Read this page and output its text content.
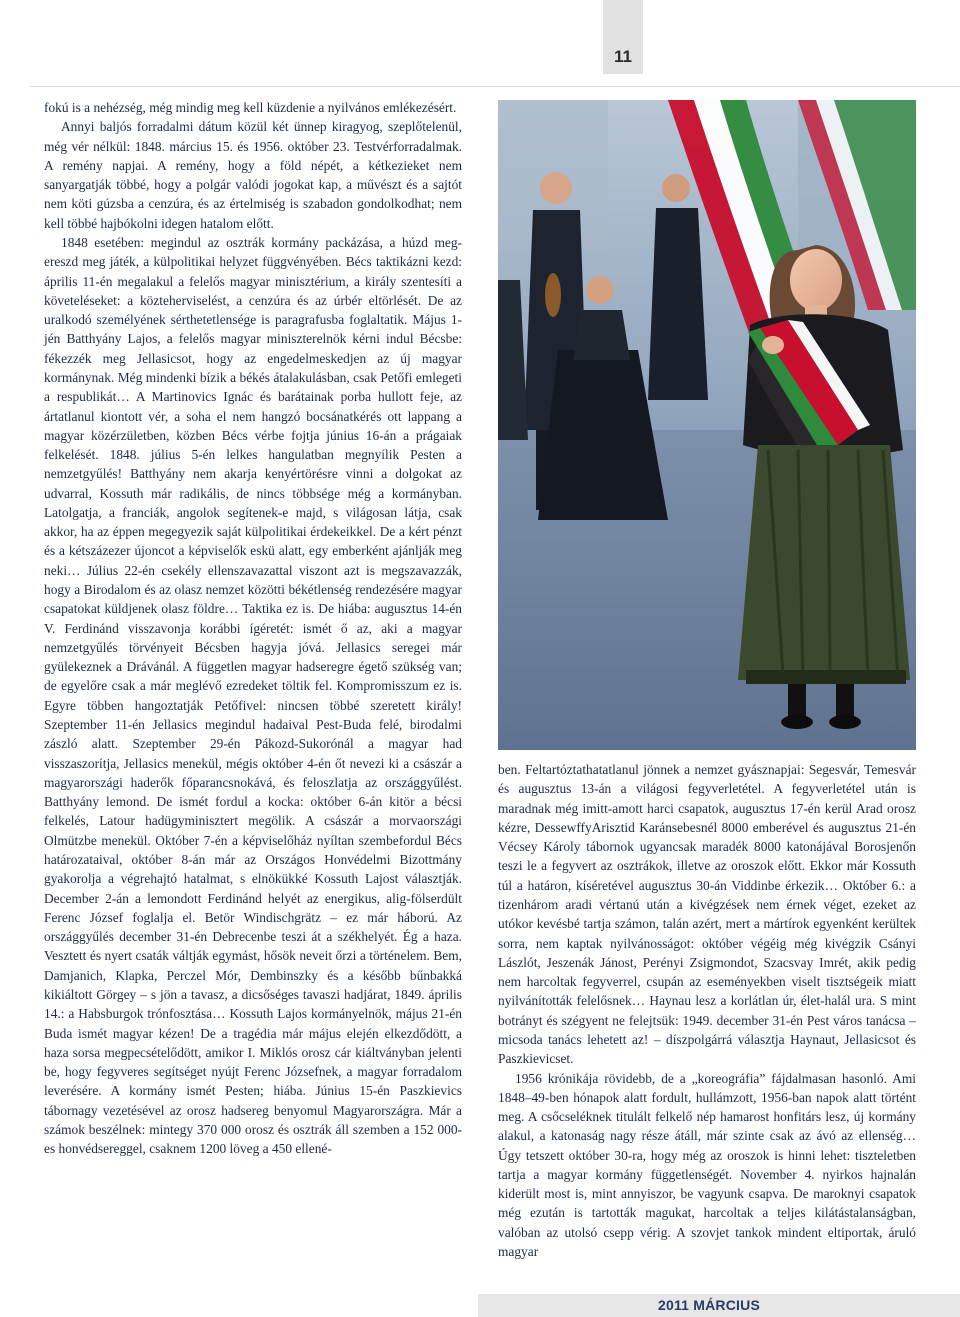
11

fokú is a nehézség, még mindig meg kell küzdenie a nyilvános emlékezésért.

Annyi baljós forradalmi dátum közül két ünnep kiragyog, szeplőtelenül, még vér nélkül: 1848. március 15. és 1956. október 23. Testvérforradalmak. A remény napjai. A remény, hogy a föld népét, a kétkezieket nem sanyargatják többé, hogy a polgár valódi jogokat kap, a művészt és a sajtót nem köti gúzsba a cenzúra, és az értelmiség is szabadon gondolkodhat; nem kell többé hajbókolni idegen hatalom előtt.

1848 esetében: megindul az osztrák kormány packázása, a húzd meg-ereszd meg játék, a külpolitikai helyzet függvényében. Bécs taktikázni kezd: április 11-én megalakul a felelős magyar minisztérium, a király szentesíti a követeléseket: a közteherviselést, a cenzúra és az úrbér eltörlését. De az uralkodó személyének sérthetetlensége is paragrafusba foglaltatik. Május 1-jén Batthyány Lajos, a felelős magyar miniszterelnök kérni indul Bécsbe: fékezzék meg Jellasicsot, hogy az engedelmeskedjen az új magyar kormánynak. Még mindenki bízik a békés átalakulásban, csak Petőfi emlegeti a respublikát… A Martinovics Ignác és barátainak porba hullott feje, az ártatlanul kiontott vér, a soha el nem hangzó bocsánatkérés ott lappang a magyar közérzületben, közben Bécs vérbe fojtja június 16-án a prágaiak felkelését. 1848. július 5-én lelkes hangulatban megnyílik Pesten a nemzetgyűlés! Batthyány nem akarja kenyértörésre vinni a dolgokat az udvarral, Kossuth már radikális, de nincs többsége még a kormányban. Latolgatja, a franciák, angolok segítenek-e majd, s világosan látja, csak akkor, ha az éppen megegyezik saját külpolitikai érdekeikkel. De a kért pénzt és a kétszázezer újoncot a képviselők eskü alatt, egy emberként ajánlják meg neki… Július 22-én csekély ellenszavazattal viszont azt is megszavazzák, hogy a Birodalom és az olasz nemzet közötti békétlenség rendezésére magyar csapatokat küldjenek olasz földre… Taktika ez is. De hiába: augusztus 14-én V. Ferdinánd visszavonja korábbi ígéretét: ismét ő az, aki a magyar nemzetgyűlés törvényeit Bécsben hagyja jóvá. Jellasics seregei már gyülekeznek a Drávánál. A független magyar hadseregre égető szükség van; de egyelőre csak a már meglévő ezredeket töltik fel. Kompromisszum ez is. Egyre többen hangoztatják Petőfivel: nincsen többé szeretett király! Szeptember 11-én Jellasics megindul hadaival Pest-Buda felé, birodalmi zászló alatt. Szeptember 29-én Pákozd-Sukorónál a magyar had visszaszorítja, Jellasics menekül, mégis október 4-én őt nevezi ki a császár a magyarországi haderők főparancsnokává, és feloszlatja az országgyűlést. Batthyány lemond. De ismét fordul a kocka: október 6-án kitör a bécsi felkelés, Latour hadügyminisztert megölik. A császár a morvaországi Olmützbe menekül. Október 7-én a képviselőház nyíltan szembefordul Bécs határozataival, október 8-án már az Országos Honvédelmi Bizottmány gyakorolja a végrehajtó hatalmat, s elnökükké Kossuth Lajost választják. December 2-án a lemondott Ferdinánd helyét az energikus, alig-fölserdült Ferenc József foglalja el. Betör Windischgrätz – ez már háború. Az országgyűlés december 31-én Debrecenbe teszi át a székhelyét. Ég a haza. Vesztett és nyert csaták váltják egymást, hősök neveit őrzi a történelem. Bem, Damjanich, Klapka, Perczel Mór, Dembinszky és a később bűnbakká kikiáltott Görgey – s jön a tavasz, a dicsőséges tavaszi hadjárat, 1849. április 14.: a Habsburgok trónfosztása… Kossuth Lajos kormányelnök, május 21-én Buda ismét magyar kézen! De a tragédia már május elején elkezdődött, a haza sorsa megpecsételődött, amikor I. Miklós orosz cár kiáltványban jelenti be, hogy fegyveres segítséget nyújt Ferenc Józsefnek, a magyar forradalom leverésére. A kormány ismét Pesten; hiába. Június 15-én Paszkievics tábornagy vezetésével az orosz hadsereg benyomul Magyarországra. Már a számok beszélnek: mintegy 370 000 orosz és osztrák áll szemben a 152 000-es honvédsereggel, csaknem 1200 löveg a 450 ellené-

ben. Feltartóztathatatlanul jönnek a nemzet gyásznapjai: Segesvár, Temesvár és augusztus 13-án a világosi fegyverletétel. A fegyverletétel után is maradnak még imitt-amott harci csapatok, augusztus 17-én kerül Arad orosz kézre, DessewffyArisztid Karánsebesnél 8000 emberével és augusztus 21-én Vécsey Károly tábornok ugyancsak maradék 8000 katonájával Borosjenőn teszi le a fegyvert az osztrákok, illetve az oroszok előtt. Ekkor már Kossuth túl a határon, kíséretével augusztus 30-án Viddinbe érkezik… Október 6.: a tizenhárom aradi vértanú után a kivégzések nem érnek véget, ezeket az utókor kevésbé tartja számon, talán azért, mert a mártírok egyenként kerültek sorra, nem kaptak nyilvánosságot: október végéig még kivégzik Csányi Lászlót, Jeszenák Jánost, Perényi Zsigmondot, Szacsvay Imrét, akik pedig nem harcoltak fegyverrel, csupán az eseményekben viselt tisztségeik miatt nyilvánították felelősnek… Haynau lesz a korlátlan úr, élet-halál ura. S mint botrányt és szégyent ne felejtsük: 1949. december 31-én Pest város tanácsa – micsoda tanács lehetett az! – díszpolgárrá választja Haynaut, Jellasicsot és Paszkievicset.

1956 krónikája rövidebb, de a „koreográfia” fájdalmasan hasonló. Ami 1848–49-ben hónapok alatt fordult, hullámzott, 1956-ban napok alatt történt meg. A csőcseléknek titulált felkelő nép hamarost honfitárs lesz, új kormány alakul, a katonaság nagy része átáll, már szinte csak az ávó az ellenség… Úgy tetszett október 30-ra, hogy még az oroszok is hinni lehet: tiszteletben tartja a magyar kormány függetlenségét. November 4. nyirkos hajnalán kiderült most is, mint annyiszor, be vagyunk csapva. De maroknyi csapatok még ezután is tartották magukat, harcoltak a teljes kilátástalanságban, valóban az utolsó csepp vérig. A szovjet tankok mindent eltiportak, áruló magyar

2011 MÁRCIUS
